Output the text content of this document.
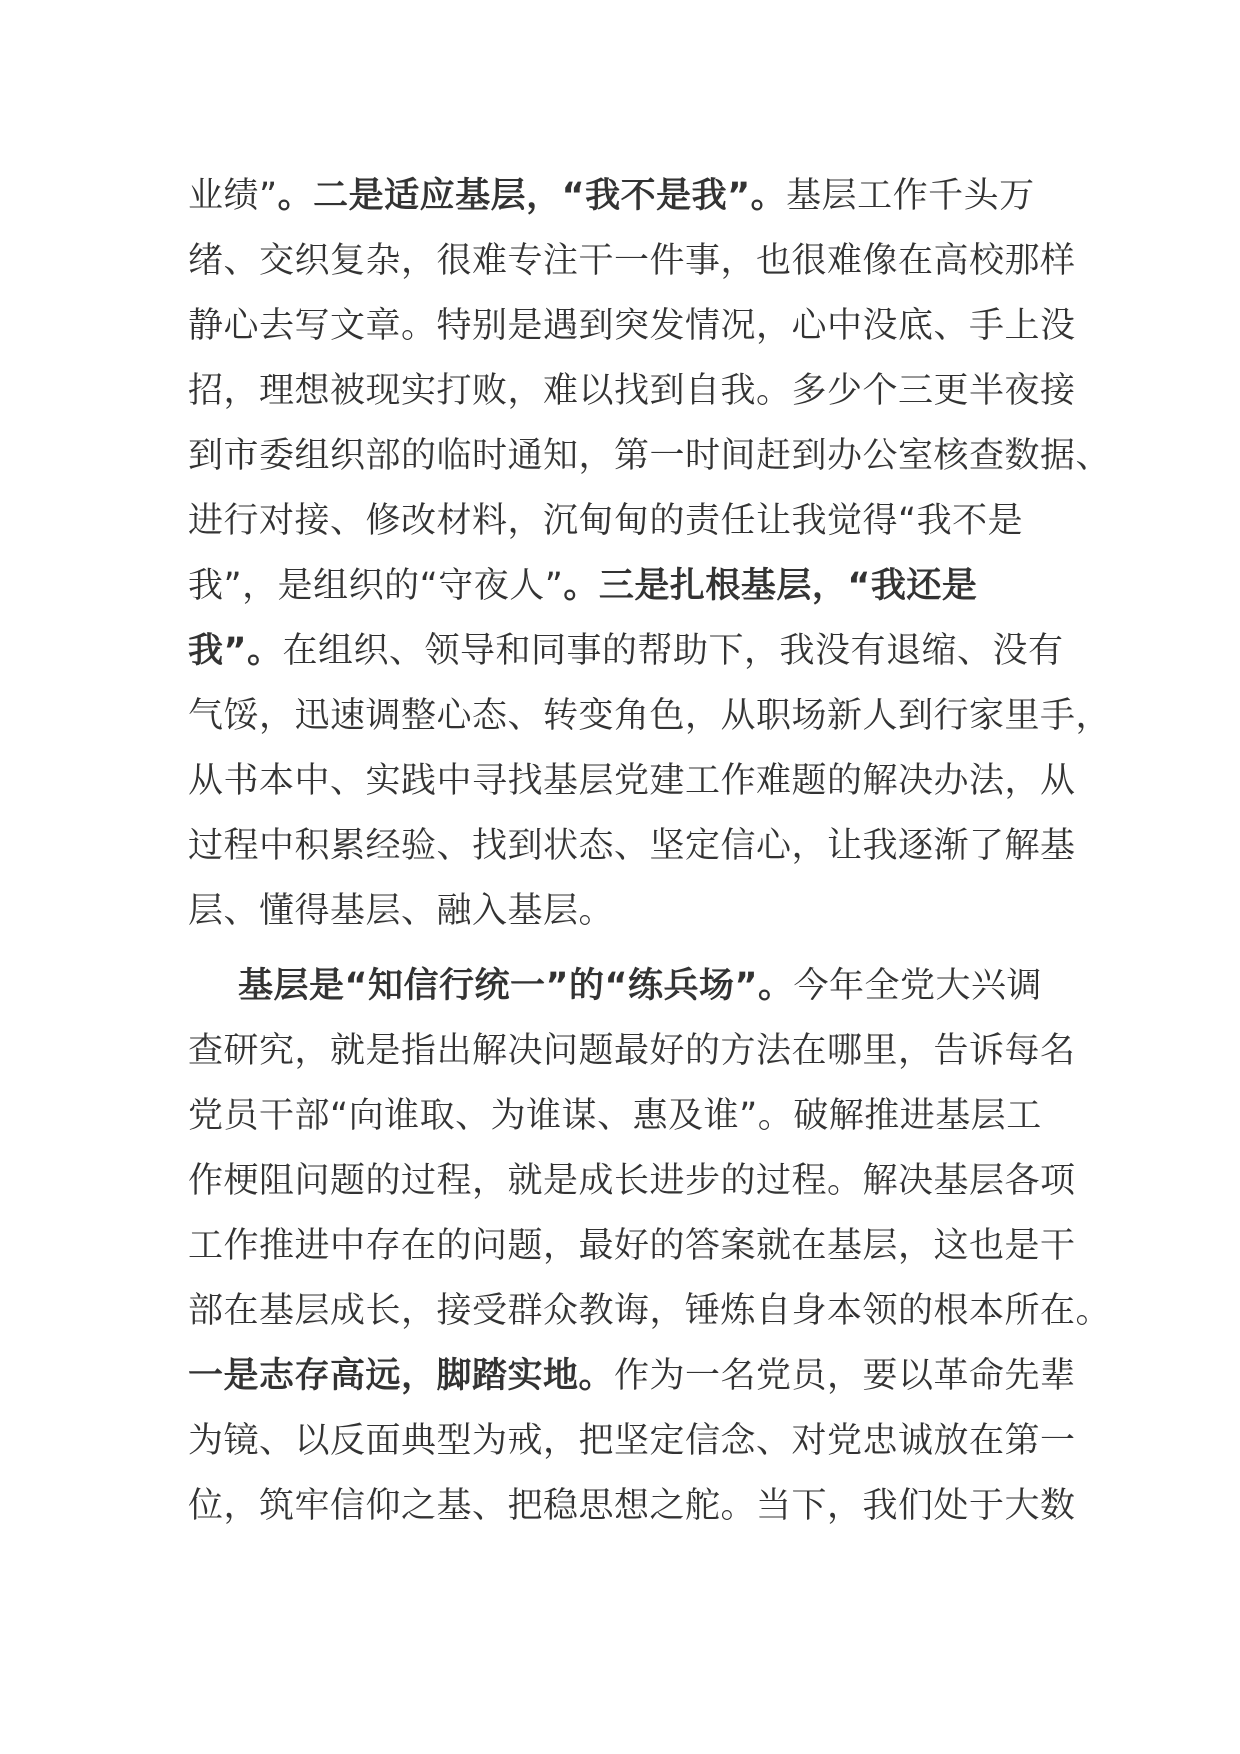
业绩”。二是适应基层，“我不是我”。基层工作千头万
绪、交织复杂，很难专注干一件事，也很难像在高校那样
静心去写文章。特别是遇到突发情况，心中没底、手上没
招，理想被现实打败，难以找到自我。多少个三更半夜接
到市委组织部的临时通知，第一时间赶到办公室核查数据、
进行对接、修改材料，沉甸甸的责任让我觉得“我不是
我”，是组织的“守夜人”。三是扎根基层，“我还是
我”。在组织、领导和同事的帮助下，我没有退缩、没有
气馁，迅速调整心态、转变角色，从职场新人到行家里手，
从书本中、实践中寻找基层党建工作难题的解决办法，从
过程中积累经验、找到状态、坚定信心，让我逐渐了解基
层、懂得基层、融入基层。
基层是“知信行统一”的“练兵场”。今年全党大兴调
查研究，就是指出解决问题最好的方法在哪里，告诉每名
党员干部“向谁取、为谁谋、惠及谁”。破解推进基层工
作梗阻问题的过程，就是成长进步的过程。解决基层各项
工作推进中存在的问题，最好的答案就在基层，这也是干
部在基层成长，接受群众教诲，锤炼自身本领的根本所在。
一是志存高远，脚踏实地。作为一名党员，要以革命先辈
为镜、以反面典型为戒，把坚定信念、对党忠诚放在第一
位，筑牢信仰之基、把稳思想之舵。当下，我们处于大数
